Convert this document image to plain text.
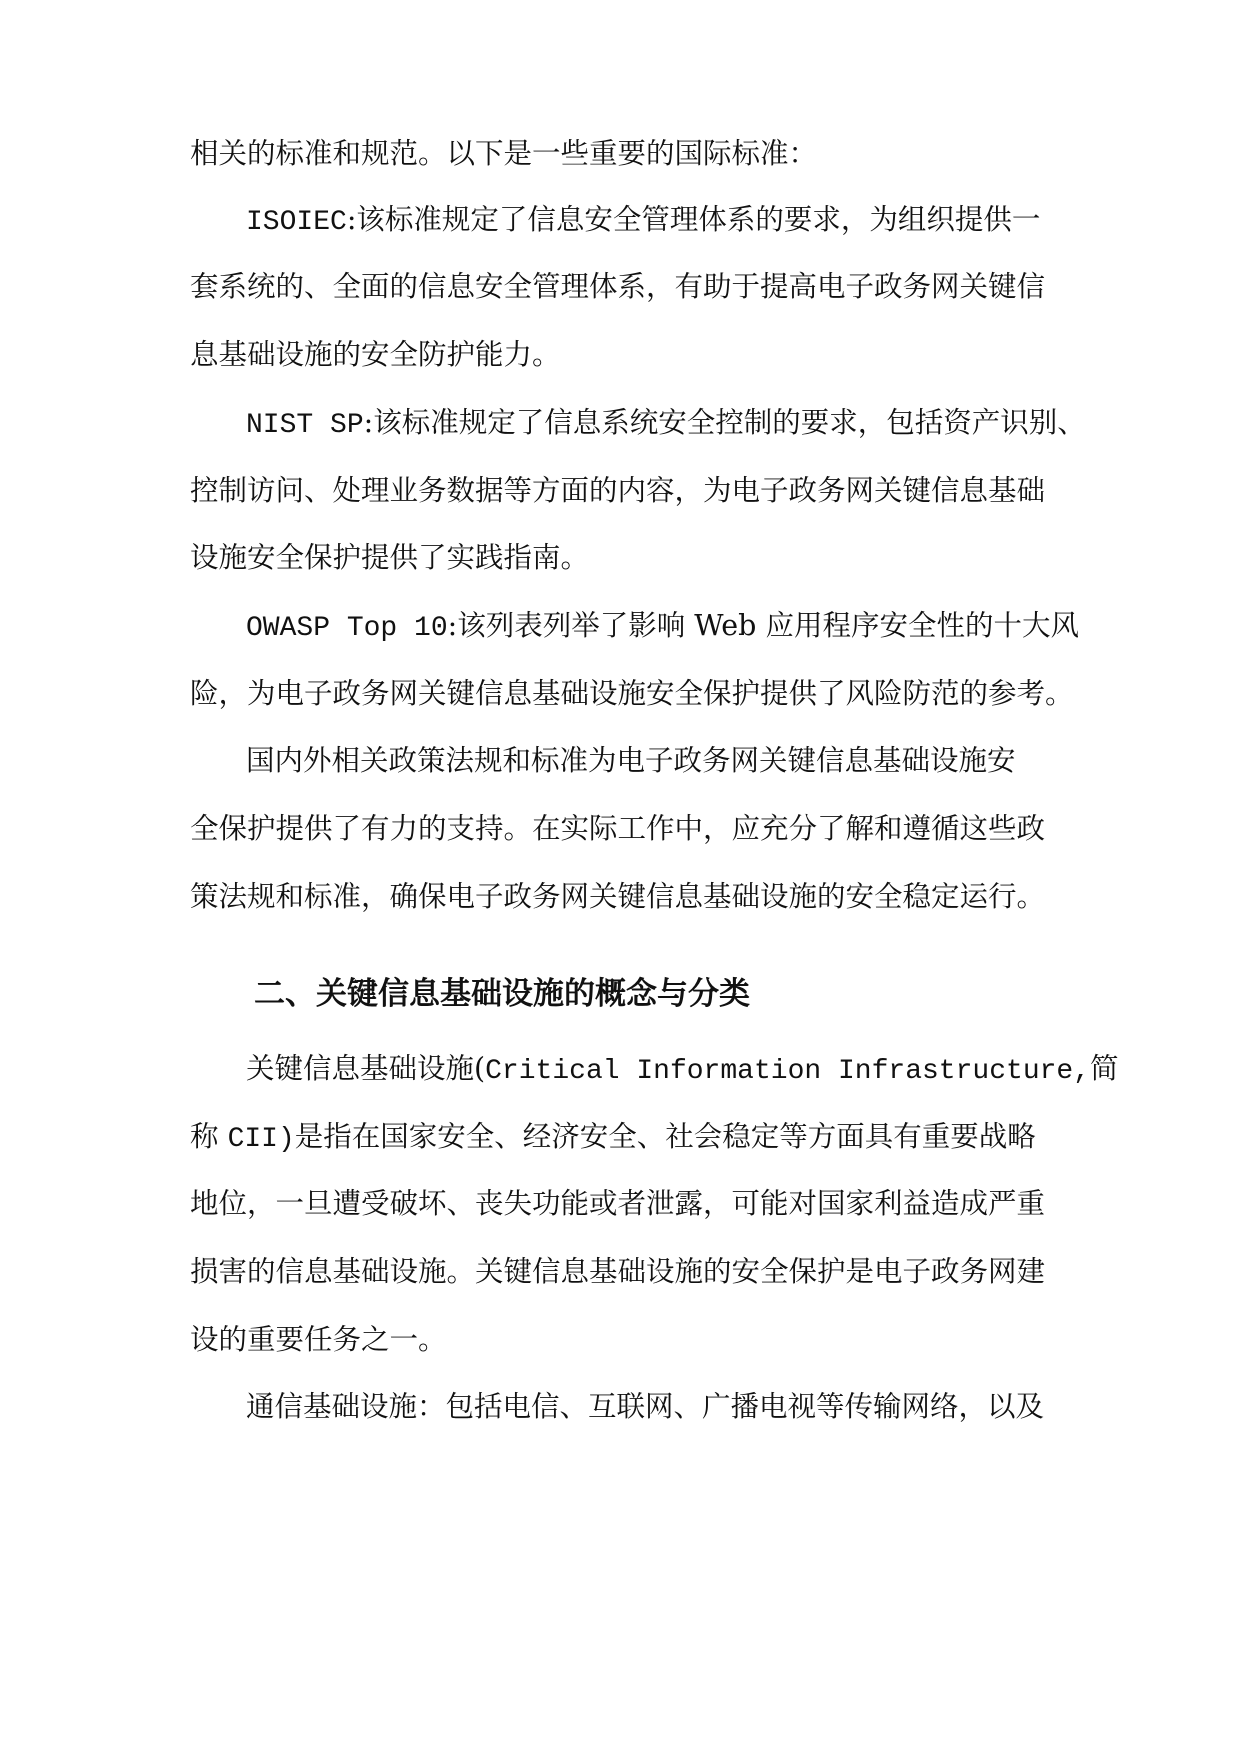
相关的标准和规范。以下是一些重要的国际标准：

ISOIEC:该标准规定了信息安全管理体系的要求，为组织提供一

套系统的、全面的信息安全管理体系，有助于提高电子政务网关键信

息基础设施的安全防护能力。

NIST SP:该标准规定了信息系统安全控制的要求，包括资产识别、

控制访问、处理业务数据等方面的内容，为电子政务网关键信息基础

设施安全保护提供了实践指南。

OWASP Top 10:该列表列举了影响 Web 应用程序安全性的十大风

险，为电子政务网关键信息基础设施安全保护提供了风险防范的参考。

国内外相关政策法规和标准为电子政务网关键信息基础设施安

全保护提供了有力的支持。在实际工作中，应充分了解和遵循这些政

策法规和标准，确保电子政务网关键信息基础设施的安全稳定运行。

二、关键信息基础设施的概念与分类

关键信息基础设施(Critical Information Infrastructure,简

称 CII)是指在国家安全、经济安全、社会稳定等方面具有重要战略

地位，一旦遭受破坏、丧失功能或者泄露，可能对国家利益造成严重

损害的信息基础设施。关键信息基础设施的安全保护是电子政务网建

设的重要任务之一。

通信基础设施：包括电信、互联网、广播电视等传输网络，以及
